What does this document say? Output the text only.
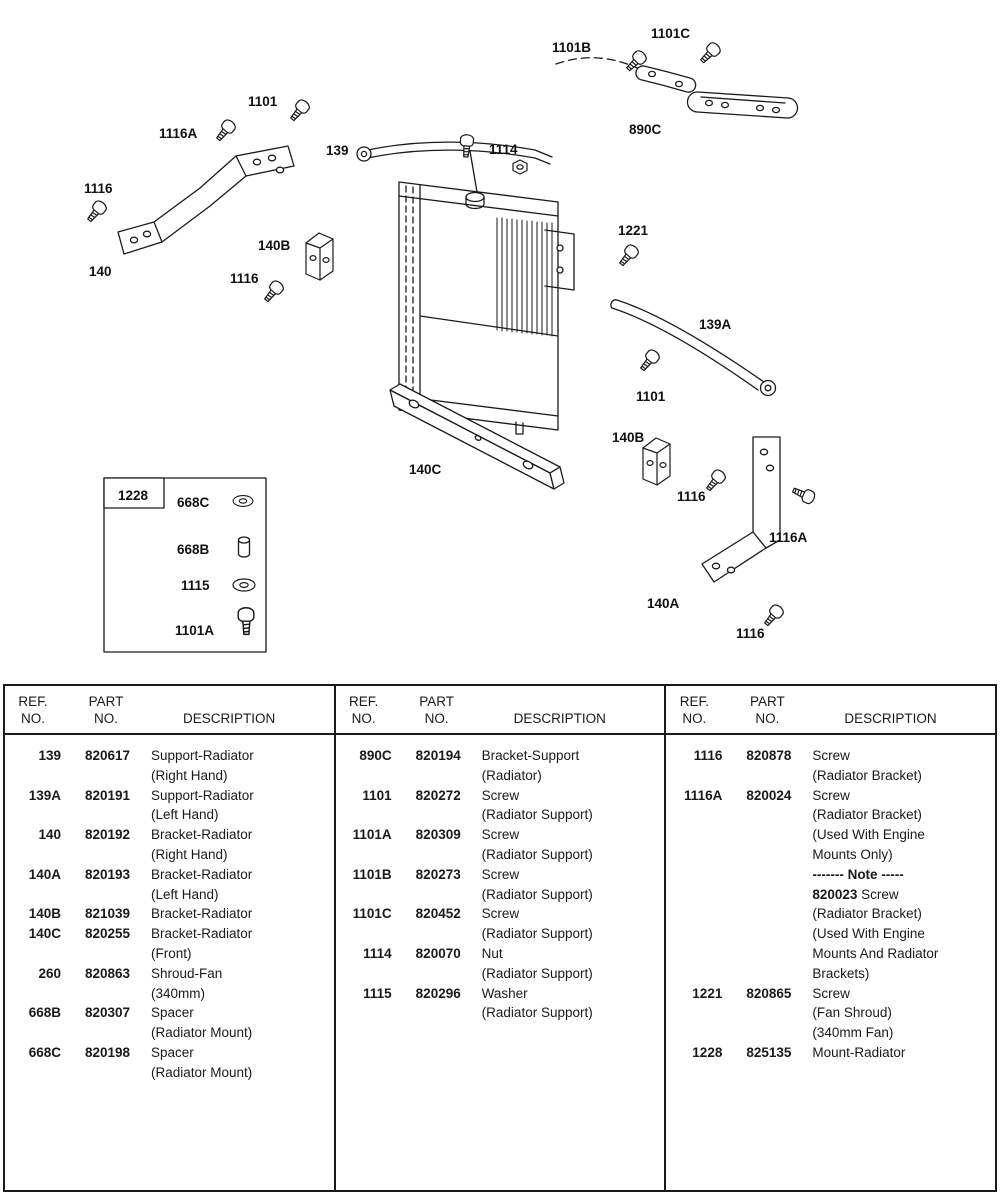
1101C
1101B
890C
1101
1116A
139	1114
1116
140B
140	1116
1221
139A
1101
140B
1116
1116A
140C
140A
1116
1228 668C
668B
1115
1101A
REF.
NO.
PART
NO.	DESCRIPTION
139	820617	Support-Radiator
(Right Hand)
139A	820191	Support-Radiator
(Left Hand)
140	820192	Bracket-Radiator
(Right Hand)
140A	820193	Bracket-Radiator
(Left Hand)
140B	821039	Bracket-Radiator
140C	820255	Bracket-Radiator
(Front)
260	820863	Shroud-Fan
(340mm)
668B	820307	Spacer
(Radiator Mount)
668C	820198	Spacer
(Radiator Mount)
REF.
NO.
PART
NO.	DESCRIPTION
890C	820194	Bracket-Support
(Radiator)
1101	820272	Screw
(Radiator Support)
1101A	820309	Screw
(Radiator Support)
1101B	820273	Screw
(Radiator Support)
1101C	820452	Screw
(Radiator Support)
1114	820070	Nut
(Radiator Support)
1115	820296	Washer
(Radiator Support)
REF.
NO.
PART
NO.	DESCRIPTION
1116	820878	Screw
(Radiator Bracket)
1116A	820024	Screw
(Radiator Bracket)
(Used With Engine
Mounts Only)
------- Note -----
820023 Screw
(Radiator Bracket)
(Used With Engine
Mounts And Radiator
Brackets)
1221	820865	Screw
(Fan Shroud)
(340mm Fan)
1228	825135	Mount-Radiator
